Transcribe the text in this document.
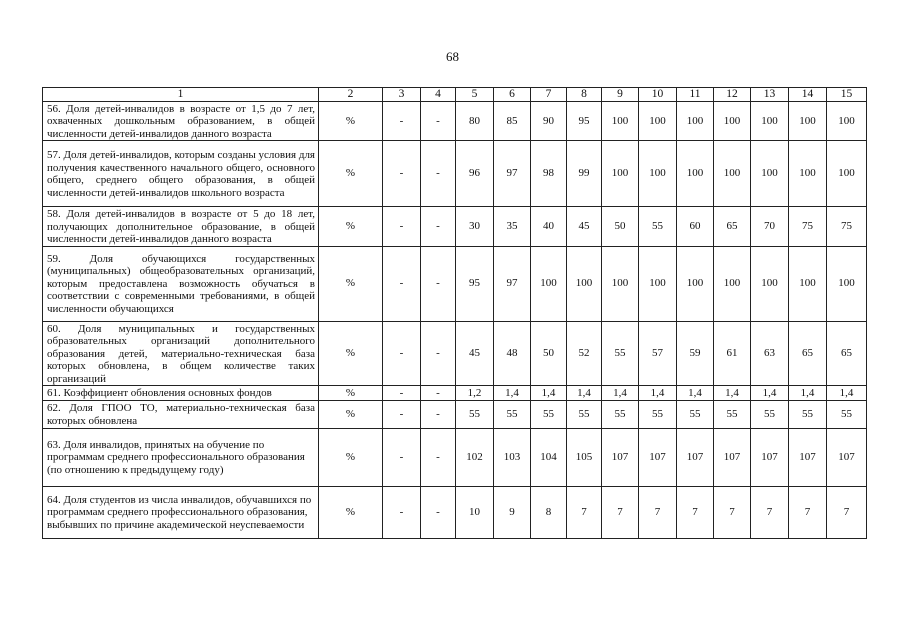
68
1	2	3	4	5	6	7	8	9	10	11	12	13	14	15
56. Доля детей-инвалидов в возрасте от 1,5 до 7 лет, охваченных дошкольным образованием, в общей численности детей-инвалидов данного возраста	%	-	-	80	85	90	95	100	100	100	100	100	100	100
57. Доля детей-инвалидов, которым созданы условия для получения качественного начального общего, основного общего, среднего общего образования, в общей численности детей-инвалидов школьного возраста	%	-	-	96	97	98	99	100	100	100	100	100	100	100
58. Доля детей-инвалидов в возрасте от 5 до 18 лет, получающих дополнительное образование, в общей численности детей-инвалидов данного возраста	%	-	-	30	35	40	45	50	55	60	65	70	75	75
59. Доля обучающихся государственных (муниципальных) общеобразовательных организаций, которым предоставлена возможность обучаться в соответствии с современными требованиями, в общей численности обучающихся	%	-	-	95	97	100	100	100	100	100	100	100	100	100
60. Доля муниципальных и государственных образовательных организаций дополнительного образования детей, материально-техническая база которых обновлена, в общем количестве таких организаций	%	-	-	45	48	50	52	55	57	59	61	63	65	65
61. Коэффициент обновления основных фондов	%	-	-	1,2	1,4	1,4	1,4	1,4	1,4	1,4	1,4	1,4	1,4	1,4
62. Доля ГПОО ТО, материально-техническая база которых обновлена	%	-	-	55	55	55	55	55	55	55	55	55	55	55
63. Доля инвалидов, принятых на обучение по программам среднего профессионального образования (по отношению к предыдущему году)	%	-	-	102	103	104	105	107	107	107	107	107	107	107
64. Доля студентов из числа инвалидов, обучавшихся по программам среднего профессионального образования, выбывших по причине академической неуспеваемости	%	-	-	10	9	8	7	7	7	7	7	7	7	7
